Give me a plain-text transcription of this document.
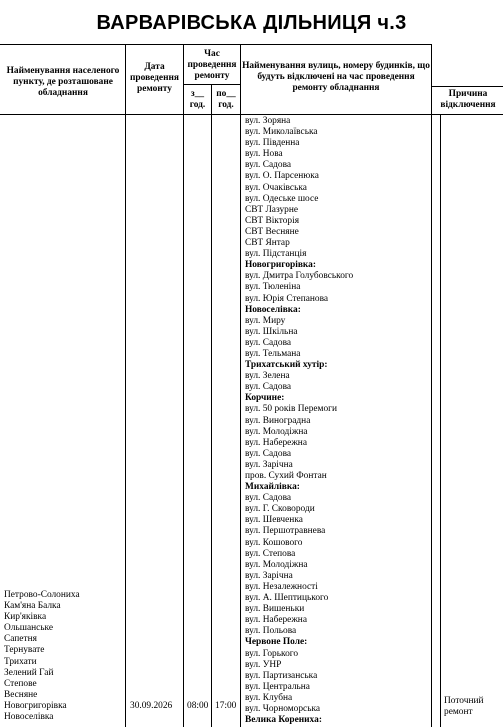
ВАРВАРІВСЬКА ДІЛЬНИЦЯ ч.3
Найменування населеного пункту, де розташоване обладнання
Дата проведення ремонту
Час проведення ремонту
з__ год.
по__ год.
Найменування вулиць, номеру будинків, що будуть відключені на час проведення ремонту обладнання
Причина відключення
Петрово-Солониха
Кам'яна Балка
Кир'яківка
Ольшанське
Сапетня
Тернувате
Трихати
Зелений Гай
Степове
Весняне
Новогригорівка
Новоселівка
30.09.2026 08:00 17:00
вул. Зоряна
вул. Миколаївська
вул. Південна
вул. Нова
вул. Садова
вул. О. Парсенюка
вул. Очаківська
вул. Одеське шосе
СВТ Лазурне
СВТ Вікторія
СВТ Весняне
СВТ Янтар
вул. Підстанція
Новогригорівка:
вул. Дмитра Голубовського
вул. Тюленіна
вул. Юрія Степанова
Новоселівка:
вул. Миру
вул. Шкільна
вул. Садова
вул. Тельмана
Трихатський хутір:
вул. Зелена
вул. Садова
Корчине:
вул. 50 років Перемоги
вул. Виноградна
вул. Молодіжна
вул. Набережна
вул. Садова
вул. Зарічна
пров. Сухий Фонтан
Михайлівка:
вул. Садова
вул. Г. Сковороди
вул. Шевченка
вул. Першотравнева
вул. Кошового
вул. Степова
вул. Молодіжна
вул. Зарічна
вул. Незалежності
вул. А. Шептицького
вул. Вишеньки
вул. Набережна
вул. Польова
Червоне Поле:
вул. Горького
вул. УНР
вул. Партизанська
вул. Центральна
вул. Клубна
вул. Чорноморська
Велика Корениха:
Поточний
ремонт
